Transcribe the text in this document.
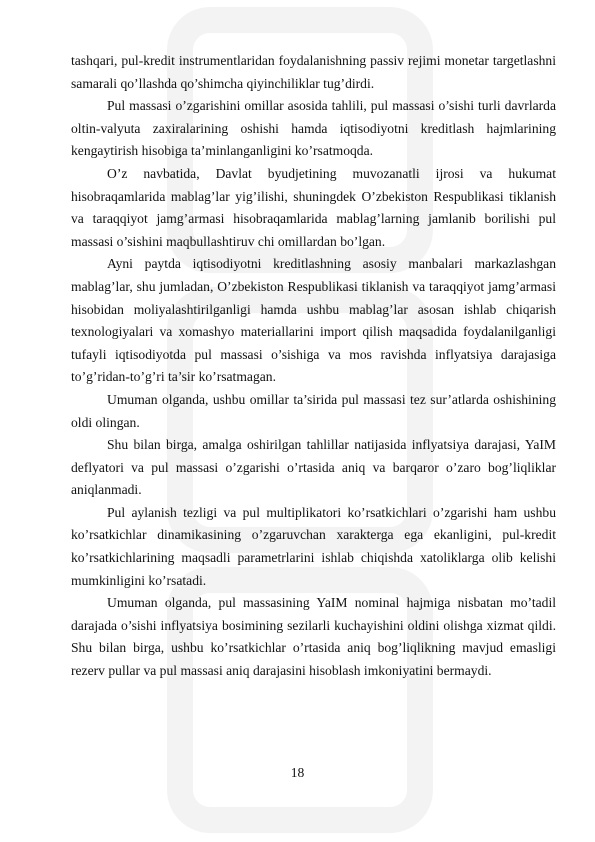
tashqari, pul-kredit instrumentlaridan foydalanishning passiv rejimi monetar targetlashni samarali qo’llashda qo’shimcha qiyinchiliklar tug’dirdi.

Pul massasi o’zgarishini omillar asosida tahlili, pul massasi o’sishi turli davrlarda oltin-valyuta zaxiralarining oshishi hamda iqtisodiyotni kreditlash hajmlarining kengaytirish hisobiga ta’minlanganligini ko’rsatmoqda.

O’z navbatida, Davlat byudjetining muvozanatli ijrosi va hukumat hisobraqamlarida mablag’lar yig’ilishi, shuningdek O’zbekiston Respublikasi tiklanish va taraqqiyot jamg’armasi hisobraqamlarida mablag’larning jamlanib borilishi pul massasi o’sishini maqbullashtiruv chi omillardan bo’lgan.

Ayni paytda iqtisodiyotni kreditlashning asosiy manbalari markazlashgan mablag’lar, shu jumladan, O’zbekiston Respublikasi tiklanish va taraqqiyot jamg’armasi hisobidan moliyalashtirilganligi hamda ushbu mablag’lar asosan ishlab chiqarish texnologiyalari va xomashyo materiallarini import qilish maqsadida foydalanilganligi tufayli iqtisodiyotda pul massasi o’sishiga va mos ravishda inflyatsiya darajasiga to’g’ridan-to’g’ri ta’sir ko’rsatmagan.

Umuman olganda, ushbu omillar ta’sirida pul massasi tez sur’atlarda oshishining oldi olingan.

Shu bilan birga, amalga oshirilgan tahlillar natijasida inflyatsiya darajasi, YaIM deflyatori va pul massasi o’zgarishi o’rtasida aniq va barqaror o’zaro bog’liqliklar aniqlanmadi.

Pul aylanish tezligi va pul multiplikatori ko’rsatkichlari o’zgarishi ham ushbu ko’rsatkichlar dinamikasining o’zgaruvchan xarakterga ega ekanligini, pul-kredit ko’rsatkichlarining maqsadli parametrlarini ishlab chiqishda xatoliklarga olib kelishi mumkinligini ko’rsatadi.

Umuman olganda, pul massasining YaIM nominal hajmiga nisbatan mo’tadil darajada o’sishi inflyatsiya bosimining sezilarli kuchayishini oldini olishga xizmat qildi. Shu bilan birga, ushbu ko’rsatkichlar o’rtasida aniq bog’liqlikning mavjud emasligi rezerv pullar va pul massasi aniq darajasini hisoblash imkoniyatini bermaydi.

18
